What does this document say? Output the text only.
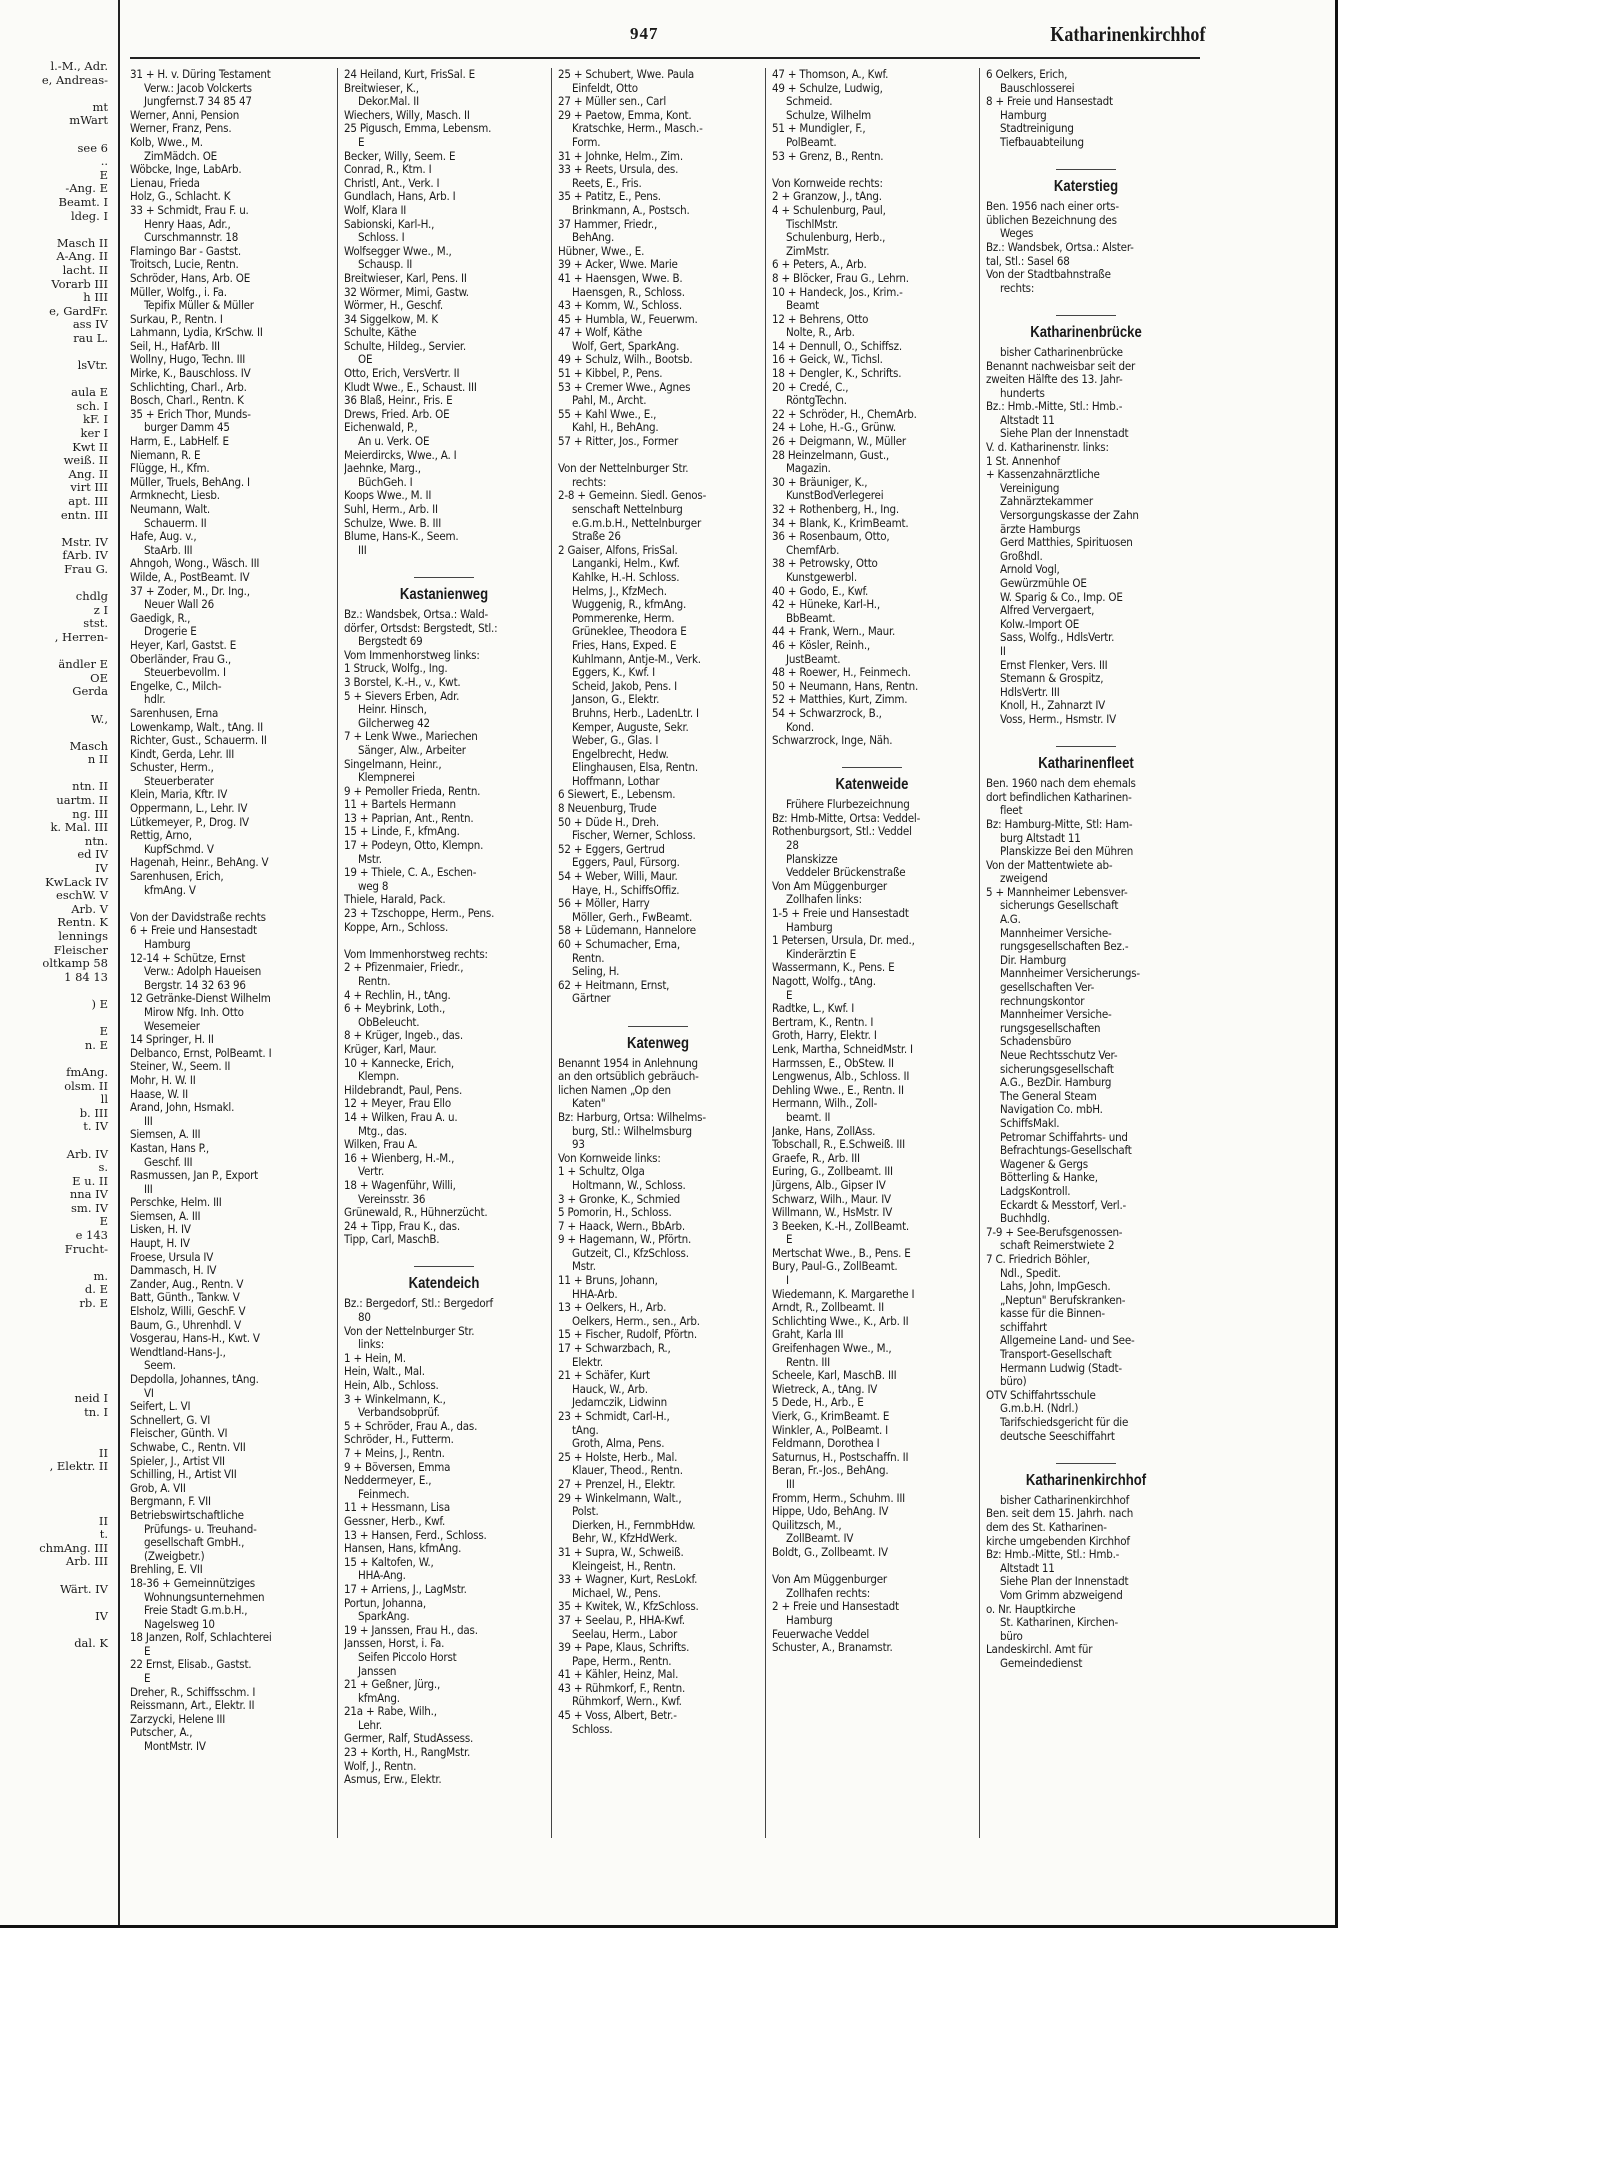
l.-M., Adr.
e, Andreas-

mt
mWart

see 6
..
E
-Ang. E
Beamt. I
ldeg. I

Masch II
A-Ang. II
lacht. II
Vorarb III
h III
e, GardFr.
ass IV
rau L.

lsVtr.

aula E
sch. I
kF. I
ker I
Kwt II
weiß. II
Ang. II
virt III
apt. III
entn. III

Mstr. IV
fArb. IV
Frau G.

chdlg
z I
stst.
, Herren-

ändler E
OE
Gerda

W.,

Masch
n II

ntn. II
uartm. II
ng. III
k. Mal. III
ntn.
ed IV
IV
KwLack IV
eschW. V
Arb. V
Rentn. K
lennings
Fleischer
oltkamp 58
1 84 13

) E

E
n. E

fmAng.
olsm. II
ll
b. III
t. IV

Arb. IV
s.
E u. II
nna IV
sm. IV
E
e 143
Frucht-

m.
d. E
rb. E

neid I
tn. I

II
, Elektr. II

II
t.
chmAng. III
Arb. III

Wärt. IV

IV

dal. K
947	Katharinenkirchhof
31 + H. v. Düring Testament
Verw.: Jacob Volckerts
Jungfernst.7 34 85 47
Werner, Anni, Pension
Werner, Franz, Pens.
Kolb, Wwe., M.
ZimMädch. OE
Wöbcke, Inge, LabArb.
Lienau, Frieda
Holz, G., Schlacht. K
33 + Schmidt, Frau F. u.
Henry Haas, Adr.,
Curschmannstr. 18
Flamingo Bar - Gastst.
Troitsch, Lucie, Rentn.
Schröder, Hans, Arb. OE
Müller, Wolfg., i. Fa.
Tepifix Müller & Müller
Surkau, P., Rentn. I
Lahmann, Lydia, KrSchw. II
Seil, H., HafArb. III
Wollny, Hugo, Techn. III
Mirke, K., Bauschloss. IV
Schlichting, Charl., Arb.
Bosch, Charl., Rentn. K
35 + Erich Thor, Munds-
burger Damm 45
Harm, E., LabHelf. E
Niemann, R. E
Flügge, H., Kfm.
Müller, Truels, BehAng. I
Armknecht, Liesb.
Neumann, Walt.
Schauerm. II
Hafe, Aug. v.,
StaArb. III
Ahngoh, Wong., Wäsch. III
Wilde, A., PostBeamt. IV
37 + Zoder, M., Dr. Ing.,
Neuer Wall 26
Gaedigk, R.,
Drogerie E
Heyer, Karl, Gastst. E
Oberländer, Frau G.,
Steuerbevollm. I
Engelke, C., Milch-
hdlr.
Sarenhusen, Erna
Lowenkamp, Walt., tAng. II
Richter, Gust., Schauerm. II
Kindt, Gerda, Lehr. III
Schuster, Herm.,
Steuerberater
Klein, Maria, Kftr. IV
Oppermann, L., Lehr. IV
Lütkemeyer, P., Drog. IV
Rettig, Arno,
KupfSchmd. V
Hagenah, Heinr., BehAng. V
Sarenhusen, Erich,
kfmAng. V

Von der Davidstraße rechts
6 + Freie und Hansestadt
Hamburg
12-14 + Schütze, Ernst
Verw.: Adolph Haueisen
Bergstr. 14 32 63 96
12 Getränke-Dienst Wilhelm
Mirow Nfg. Inh. Otto
Wesemeier
14 Springer, H. II
Delbanco, Ernst, PolBeamt. I
Steiner, W., Seem. II
Mohr, H. W. II
Haase, W. II
Arand, John, Hsmakl.
III
Siemsen, A. III
Kastan, Hans P.,
Geschf. III
Rasmussen, Jan P., Export
III
Perschke, Helm. III
Siemsen, A. III
Lisken, H. IV
Haupt, H. IV
Froese, Ursula IV
Dammasch, H. IV
Zander, Aug., Rentn. V
Batt, Günth., Tankw. V
Elsholz, Willi, GeschF. V
Baum, G., Uhrenhdl. V
Vosgerau, Hans-H., Kwt. V
Wendtland-Hans-J.,
Seem.
Depdolla, Johannes, tAng.
VI
Seifert, L. VI
Schnellert, G. VI
Fleischer, Günth. VI
Schwabe, C., Rentn. VII
Spieler, J., Artist VII
Schilling, H., Artist VII
Grob, A. VII
Bergmann, F. VII
Betriebswirtschaftliche
Prüfungs- u. Treuhand-
gesellschaft GmbH.,
(Zweigbetr.)
Brehling, E. VII
18-36 + Gemeinnütziges
Wohnungsunternehmen
Freie Stadt G.m.b.H.,
Nagelsweg 10
18 Janzen, Rolf, Schlachterei
E
22 Ernst, Elisab., Gastst.
E
Dreher, R., Schiffsschm. I
Reissmann, Art., Elektr. II
Zarzycki, Helene III
Putscher, A.,
MontMstr. IV
24 Heiland, Kurt, FrisSal. E
Breitwieser, K.,
Dekor.Mal. II
Wiechers, Willy, Masch. II
25 Pigusch, Emma, Lebensm.
E
Becker, Willy, Seem. E
Conrad, R., Ktm. I
Christl, Ant., Verk. I
Gundlach, Hans, Arb. I
Wolf, Klara II
Sabionski, Karl-H.,
Schloss. I
Wolfsegger Wwe., M.,
Schausp. II
Breitwieser, Karl, Pens. II
32 Wörmer, Mimi, Gastw.
Wörmer, H., Geschf.
34 Siggelkow, M. K
Schulte, Käthe
Schulte, Hildeg., Servier.
OE
Otto, Erich, VersVertr. II
Kludt Wwe., E., Schaust. III
36 Blaß, Heinr., Fris. E
Drews, Fried. Arb. OE
Eichenwald, P.,
An u. Verk. OE
Meierdircks, Wwe., A. I
Jaehnke, Marg.,
BüchGeh. I
Koops Wwe., M. II
Suhl, Herm., Arb. II
Schulze, Wwe. B. III
Blume, Hans-K., Seem.
III

Kastanienweg
Bz.: Wandsbek, Ortsa.: Wald-
dörfer, Ortsdst: Bergstedt, Stl.:
Bergstedt 69
Vom Immenhorstweg links:
1 Struck, Wolfg., Ing.
3 Borstel, K.-H., v., Kwt.
5 + Sievers Erben, Adr.
Heinr. Hinsch,
Gilcherweg 42
7 + Lenk Wwe., Mariechen
Sänger, Alw., Arbeiter
Singelmann, Heinr.,
Klempnerei
9 + Pemoller Frieda, Rentn.
11 + Bartels Hermann
13 + Paprian, Ant., Rentn.
15 + Linde, F., kfmAng.
17 + Podeyn, Otto, Klempn.
Mstr.
19 + Thiele, C. A., Eschen-
weg 8
Thiele, Harald, Pack.
23 + Tzschoppe, Herm., Pens.
Koppe, Arn., Schloss.

Vom Immenhorstweg rechts:
2 + Pfizenmaier, Friedr.,
Rentn.
4 + Rechlin, H., tAng.
6 + Meybrink, Loth.,
ObBeleucht.
8 + Krüger, Ingeb., das.
Krüger, Karl, Maur.
10 + Kannecke, Erich,
Klempn.
Hildebrandt, Paul, Pens.
12 + Meyer, Frau Ello
14 + Wilken, Frau A. u.
Mtg., das.
Wilken, Frau A.
16 + Wienberg, H.-M.,
Vertr.
18 + Wagenführ, Willi,
Vereinsstr. 36
Grünewald, R., Hühnerzücht.
24 + Tipp, Frau K., das.
Tipp, Carl, MaschB.

Katendeich
Bz.: Bergedorf, Stl.: Bergedorf
80
Von der Nettelnburger Str.
links:
1 + Hein, M.
Hein, Walt., Mal.
Hein, Alb., Schloss.
3 + Winkelmann, K.,
Verbandsobprüf.
5 + Schröder, Frau A., das.
Schröder, H., Futterm.
7 + Meins, J., Rentn.
9 + Böversen, Emma
Neddermeyer, E.,
Feinmech.
11 + Hessmann, Lisa
Gessner, Herb., Kwf.
13 + Hansen, Ferd., Schloss.
Hansen, Hans, kfmAng.
15 + Kaltofen, W.,
HHA-Ang.
17 + Arriens, J., LagMstr.
Portun, Johanna,
SparkAng.
19 + Janssen, Frau H., das.
Janssen, Horst, i. Fa.
Seifen Piccolo Horst
Janssen
21 + Geßner, Jürg.,
kfmAng.
21a + Rabe, Wilh.,
Lehr.
Germer, Ralf, StudAssess.
23 + Korth, H., RangMstr.
Wolf, J., Rentn.
Asmus, Erw., Elektr.
25 + Schubert, Wwe. Paula
Einfeldt, Otto
27 + Müller sen., Carl
29 + Paetow, Emma, Kont.
Kratschke, Herm., Masch.-
Form.
31 + Johnke, Helm., Zim.
33 + Reets, Ursula, des.
Reets, E., Fris.
35 + Patitz, E., Pens.
Brinkmann, A., Postsch.
37 Hammer, Friedr.,
BehAng.
Hübner, Wwe., E.
39 + Acker, Wwe. Marie
41 + Haensgen, Wwe. B.
Haensgen, R., Schloss.
43 + Komm, W., Schloss.
45 + Humbla, W., Feuerwm.
47 + Wolf, Käthe
Wolf, Gert, SparkAng.
49 + Schulz, Wilh., Bootsb.
51 + Kibbel, P., Pens.
53 + Cremer Wwe., Agnes
Pahl, M., Archt.
55 + Kahl Wwe., E.,
Kahl, H., BehAng.
57 + Ritter, Jos., Former

Von der Nettelnburger Str.
rechts:
2-8 + Gemeinn. Siedl. Genos-
senschaft Nettelnburg
e.G.m.b.H., Nettelnburger
Straße 26
2 Gaiser, Alfons, FrisSal.
Langanki, Helm., Kwf.
Kahlke, H.-H. Schloss.
Helms, J., KfzMech.
Wuggenig, R., kfmAng.
Pommerenke, Herm.
Grüneklee, Theodora E
Fries, Hans, Exped. E
Kuhlmann, Antje-M., Verk.
Eggers, K., Kwf. I
Scheid, Jakob, Pens. I
Janson, G., Elektr.
Bruhns, Herb., LadenLtr. I
Kemper, Auguste, Sekr.
Weber, G., Glas. I
Engelbrecht, Hedw.
Elinghausen, Elsa, Rentn.
Hoffmann, Lothar
6 Siewert, E., Lebensm.
8 Neuenburg, Trude
50 + Düde H., Dreh.
Fischer, Werner, Schloss.
52 + Eggers, Gertrud
Eggers, Paul, Fürsorg.
54 + Weber, Willi, Maur.
Haye, H., SchiffsOffiz.
56 + Möller, Harry
Möller, Gerh., FwBeamt.
58 + Lüdemann, Hannelore
60 + Schumacher, Erna,
Rentn.
Seling, H.
62 + Heitmann, Ernst,
Gärtner

Katenweg
Benannt 1954 in Anlehnung
an den ortsüblich gebräuch-
lichen Namen „Op den
Katen"
Bz: Harburg, Ortsa: Wilhelms-
burg, Stl.: Wilhelmsburg
93
Von Kornweide links:
1 + Schultz, Olga
Holtmann, W., Schloss.
3 + Gronke, K., Schmied
5 Pomorin, H., Schloss.
7 + Haack, Wern., BbArb.
9 + Hagemann, W., Pförtn.
Gutzeit, Cl., KfzSchloss.
Mstr.
11 + Bruns, Johann,
HHA-Arb.
13 + Oelkers, H., Arb.
Oelkers, Herm., sen., Arb.
15 + Fischer, Rudolf, Pförtn.
17 + Schwarzbach, R.,
Elektr.
21 + Schäfer, Kurt
Hauck, W., Arb.
Jedamczik, Lidwinn
23 + Schmidt, Carl-H.,
tAng.
Groth, Alma, Pens.
25 + Holste, Herb., Mal.
Klauer, Theod., Rentn.
27 + Prenzel, H., Elektr.
29 + Winkelmann, Walt.,
Polst.
Dierken, H., FernmbHdw.
Behr, W., KfzHdWerk.
31 + Supra, W., Schweiß.
Kleingeist, H., Rentn.
33 + Wagner, Kurt, ResLokf.
Michael, W., Pens.
35 + Kwitek, W., KfzSchloss.
37 + Seelau, P., HHA-Kwf.
Seelau, Herm., Labor
39 + Pape, Klaus, Schrifts.
Pape, Herm., Rentn.
41 + Kähler, Heinz, Mal.
43 + Rühmkorf, F., Rentn.
Rühmkorf, Wern., Kwf.
45 + Voss, Albert, Betr.-
Schloss.
47 + Thomson, A., Kwf.
49 + Schulze, Ludwig,
Schmeid.
Schulze, Wilhelm
51 + Mundigler, F.,
PolBeamt.
53 + Grenz, B., Rentn.

Von Kornweide rechts:
2 + Granzow, J., tAng.
4 + Schulenburg, Paul,
TischlMstr.
Schulenburg, Herb.,
ZimMstr.
6 + Peters, A., Arb.
8 + Blöcker, Frau G., Lehrn.
10 + Handeck, Jos., Krim.-
Beamt
12 + Behrens, Otto
Nolte, R., Arb.
14 + Dennull, O., Schiffsz.
16 + Geick, W., Tichsl.
18 + Dengler, K., Schrifts.
20 + Credé, C.,
RöntgTechn.
22 + Schröder, H., ChemArb.
24 + Lohe, H.-G., Grünw.
26 + Deigmann, W., Müller
28 Heinzelmann, Gust.,
Magazin.
30 + Bräuniger, K.,
KunstBodVerlegerei
32 + Rothenberg, H., Ing.
34 + Blank, K., KrimBeamt.
36 + Rosenbaum, Otto,
ChemfArb.
38 + Petrowsky, Otto
Kunstgewerbl.
40 + Godo, E., Kwf.
42 + Hüneke, Karl-H.,
BbBeamt.
44 + Frank, Wern., Maur.
46 + Kösler, Reinh.,
JustBeamt.
48 + Roewer, H., Feinmech.
50 + Neumann, Hans, Rentn.
52 + Matthies, Kurt, Zimm.
54 + Schwarzrock, B.,
Kond.
Schwarzrock, Inge, Näh.

Katenweide
Frühere Flurbezeichnung
Bz: Hmb-Mitte, Ortsa: Veddel-
Rothenburgsort, Stl.: Veddel
28
Planskizze
Veddeler Brückenstraße
Von Am Müggenburger
Zollhafen links:
1-5 + Freie und Hansestadt
Hamburg
1 Petersen, Ursula, Dr. med.,
Kinderärztin E
Wassermann, K., Pens. E
Nagott, Wolfg., tAng.
E
Radtke, L., Kwf. I
Bertram, K., Rentn. I
Groth, Harry, Elektr. I
Lenk, Martha, SchneidMstr. I
Harmssen, E., ObStew. II
Lengwenus, Alb., Schloss. II
Dehling Wwe., E., Rentn. II
Hermann, Wilh., Zoll-
beamt. II
Janke, Hans, ZollAss.
Tobschall, R., E.Schweiß. III
Graefe, R., Arb. III
Euring, G., Zollbeamt. III
Jürgens, Alb., Gipser IV
Schwarz, Wilh., Maur. IV
Willmann, W., HsMstr. IV
3 Beeken, K.-H., ZollBeamt.
E
Mertschat Wwe., B., Pens. E
Bury, Paul-G., ZollBeamt.
I
Wiedemann, K. Margarethe I
Arndt, R., Zollbeamt. II
Schlichting Wwe., K., Arb. II
Graht, Karla III
Greifenhagen Wwe., M.,
Rentn. III
Scheele, Karl, MaschB. III
Wietreck, A., tAng. IV
5 Dede, H., Arb., E
Vierk, G., KrimBeamt. E
Winkler, A., PolBeamt. I
Feldmann, Dorothea I
Saturnus, H., Postschaffn. II
Beran, Fr.-Jos., BehAng.
III
Fromm, Herm., Schuhm. III
Hippe, Udo, BehAng. IV
Quilitzsch, M.,
ZollBeamt. IV
Boldt, G., Zollbeamt. IV

Von Am Müggenburger
Zollhafen rechts:
2 + Freie und Hansestadt
Hamburg
Feuerwache Veddel
Schuster, A., Branamstr.
6 Oelkers, Erich,
Bauschlosserei
8 + Freie und Hansestadt
Hamburg
Stadtreinigung
Tiefbauabteilung

Katerstieg
Ben. 1956 nach einer orts-
üblichen Bezeichnung des
Weges
Bz.: Wandsbek, Ortsa.: Alster-
tal, Stl.: Sasel 68
Von der Stadtbahnstraße
rechts:

Katharinenbrücke
bisher Catharinenbrücke
Benannt nachweisbar seit der
zweiten Hälfte des 13. Jahr-
hunderts
Bz.: Hmb.-Mitte, Stl.: Hmb.-
Altstadt 11
Siehe Plan der Innenstadt
V. d. Katharinenstr. links:
1 St. Annenhof
+ Kassenzahnärztliche
Vereinigung
Zahnärztekammer
Versorgungskasse der Zahn
ärzte Hamburgs
Gerd Matthies, Spirituosen
Großhdl.
Arnold Vogl,
Gewürzmühle OE
W. Sparig & Co., Imp. OE
Alfred Ververgaert,
Kolw.-Import OE
Sass, Wolfg., HdlsVertr.
II
Ernst Flenker, Vers. III
Stemann & Grospitz,
HdlsVertr. III
Knoll, H., Zahnarzt IV
Voss, Herm., Hsmstr. IV

Katharinenfleet
Ben. 1960 nach dem ehemals
dort befindlichen Katharinen-
fleet
Bz: Hamburg-Mitte, Stl: Ham-
burg Altstadt 11
Planskizze Bei den Mühren
Von der Mattentwiete ab-
zweigend
5 + Mannheimer Lebensver-
sicherungs Gesellschaft
A.G.
Mannheimer Versiche-
rungsgesellschaften Bez.-
Dir. Hamburg
Mannheimer Versicherungs-
gesellschaften Ver-
rechnungskontor
Mannheimer Versiche-
rungsgesellschaften
Schadensbüro
Neue Rechtsschutz Ver-
sicherungsgesellschaft
A.G., BezDir. Hamburg
The General Steam
Navigation Co. mbH.
SchiffsMakl.
Petromar Schiffahrts- und
Befrachtungs-Gesellschaft
Wagener & Gergs
Bötterling & Hanke,
LadgsKontroll.
Eckardt & Messtorf, Verl.-
Buchhdlg.
7-9 + See-Berufsgenossen-
schaft Reimerstwiete 2
7 C. Friedrich Böhler,
Ndl., Spedit.
Lahs, John, ImpGesch.
„Neptun" Berufskranken-
kasse für die Binnen-
schiffahrt
Allgemeine Land- und See-
Transport-Gesellschaft
Hermann Ludwig (Stadt-
büro)
OTV Schiffahrtsschule
G.m.b.H. (Ndrl.)
Tarifschiedsgericht für die
deutsche Seeschiffahrt

Katharinenkirchhof
bisher Catharinenkirchhof
Ben. seit dem 15. Jahrh. nach
dem des St. Katharinen-
kirche umgebenden Kirchhof
Bz: Hmb.-Mitte, Stl.: Hmb.-
Altstadt 11
Siehe Plan der Innenstadt
Vom Grimm abzweigend
o. Nr. Hauptkirche
St. Katharinen, Kirchen-
büro
Landeskirchl. Amt für
Gemeindedienst
